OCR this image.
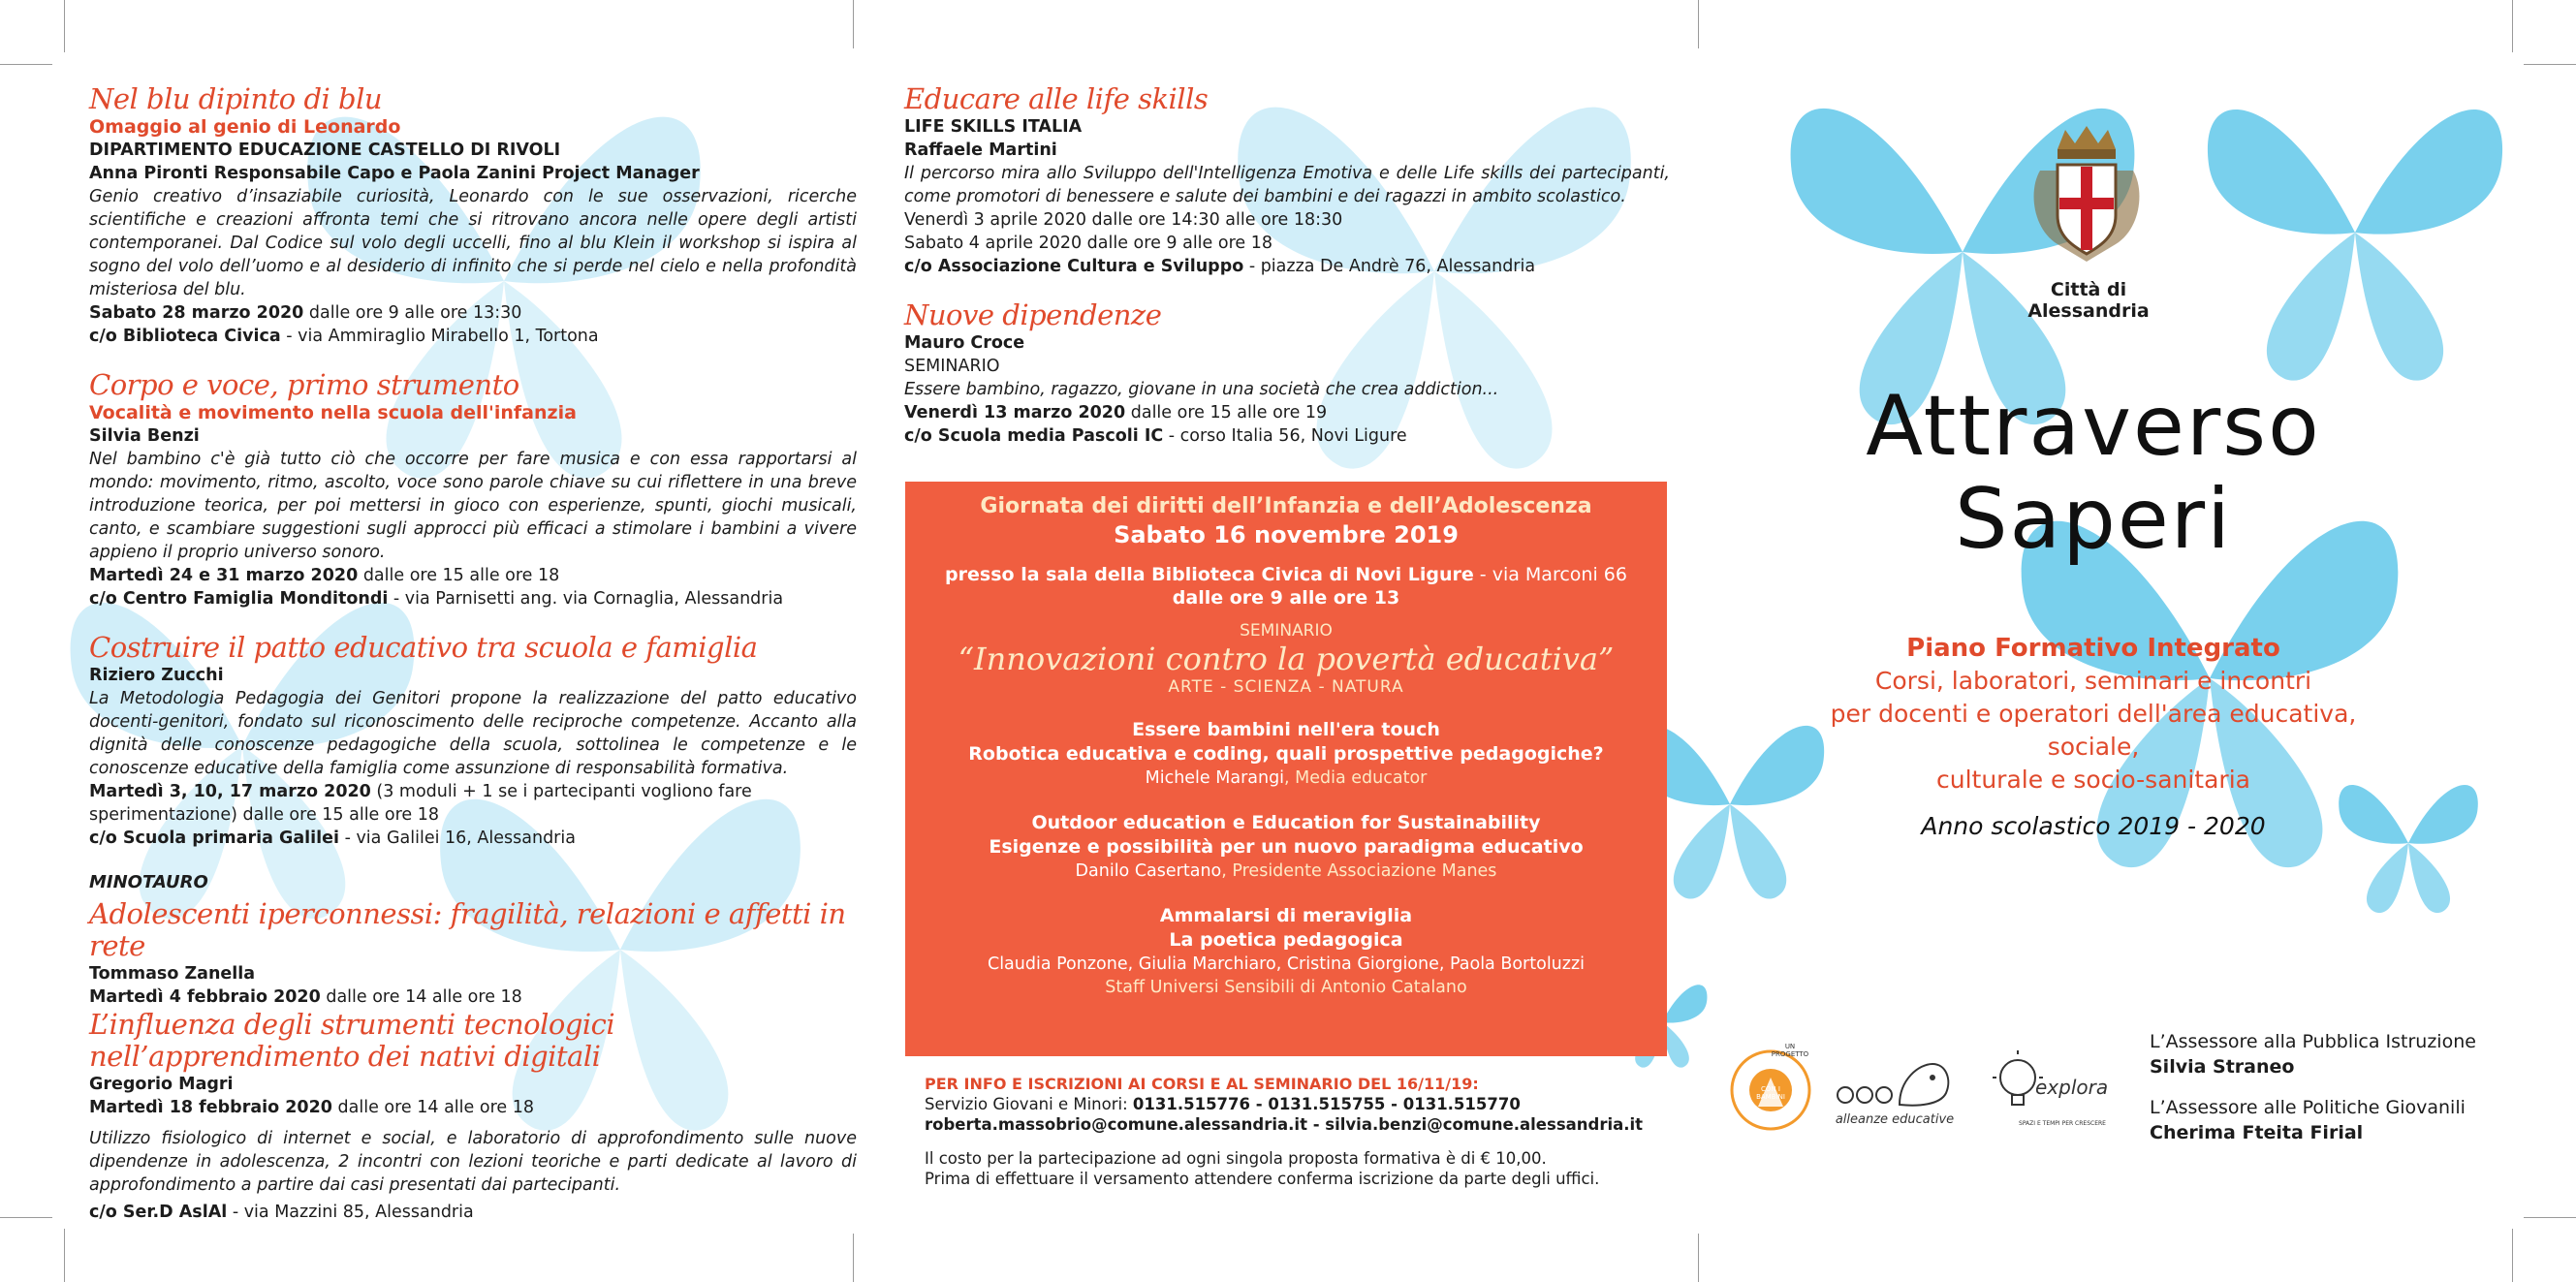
Nel blu dipinto di blu
Omaggio al genio di Leonardo
DIPARTIMENTO EDUCAZIONE CASTELLO DI RIVOLI
Anna Pironti Responsabile Capo e Paola Zanini Project Manager
Genio creativo d’insaziabile curiosità, Leonardo con le sue osservazioni, ricerche scientifiche e creazioni affronta temi che si ritrovano ancora nelle opere degli artisti contemporanei. Dal Codice sul volo degli uccelli, fino al blu Klein il workshop si ispira al sogno del volo dell’uomo e al desiderio di infinito che si perde nel cielo e nella profondità misteriosa del blu.
Sabato 28 marzo 2020 dalle ore 9 alle ore 13:30
c/o Biblioteca Civica - via Ammiraglio Mirabello 1, Tortona
Corpo e voce, primo strumento
Vocalità e movimento nella scuola dell'infanzia
Silvia Benzi
Nel bambino c'è già tutto ciò che occorre per fare musica e con essa rapportarsi al mondo: movimento, ritmo, ascolto, voce sono parole chiave su cui riflettere in una breve introduzione teorica, per poi mettersi in gioco con esperienze, spunti, giochi musicali, canto, e scambiare suggestioni sugli approcci più efficaci a stimolare i bambini a vivere appieno il proprio universo sonoro.
Martedì 24 e 31 marzo 2020 dalle ore 15 alle ore 18
c/o Centro Famiglia Monditondi - via Parnisetti ang. via Cornaglia, Alessandria
Costruire il patto educativo tra scuola e famiglia
Riziero Zucchi
La Metodologia Pedagogia dei Genitori propone la realizzazione del patto educativo docenti-genitori, fondato sul riconoscimento delle reciproche competenze. Accanto alla dignità delle conoscenze pedagogiche della scuola, sottolinea le competenze e le conoscenze educative della famiglia come assunzione di responsabilità formativa.
Martedì 3, 10, 17 marzo 2020 (3 moduli + 1 se i partecipanti vogliono fare sperimentazione) dalle ore 15 alle ore 18
c/o Scuola primaria Galilei - via Galilei 16, Alessandria
MINOTAURO
Adolescenti iperconnessi: fragilità, relazioni e affetti in rete
Tommaso Zanella
Martedì 4 febbraio 2020 dalle ore 14 alle ore 18
L’influenza degli strumenti tecnologici nell’apprendimento dei nativi digitali
Gregorio Magri
Martedì 18 febbraio 2020 dalle ore 14 alle ore 18
Utilizzo fisiologico di internet e social, e laboratorio di approfondimento sulle nuove dipendenze in adolescenza, 2 incontri con lezioni teoriche e parti dedicate al lavoro di approfondimento a partire dai casi presentati dai partecipanti.
c/o Ser.D AslAl - via Mazzini 85, Alessandria
Educare alle life skills
LIFE SKILLS ITALIA
Raffaele Martini
Il percorso mira allo Sviluppo dell'Intelligenza Emotiva e delle Life skills dei partecipanti, come promotori di benessere e salute dei bambini e dei ragazzi in ambito scolastico.
Venerdì 3 aprile 2020 dalle ore 14:30 alle ore 18:30
Sabato 4 aprile 2020 dalle ore 9 alle ore 18
c/o Associazione Cultura e Sviluppo - piazza De Andrè 76, Alessandria
Nuove dipendenze
Mauro Croce
SEMINARIO
Essere bambino, ragazzo, giovane in una società che crea addiction...
Venerdì 13 marzo 2020 dalle ore 15 alle ore 19
c/o Scuola media Pascoli IC - corso Italia 56, Novi Ligure
Giornata dei diritti dell’Infanzia e dell’Adolescenza
Sabato 16 novembre 2019
presso la sala della Biblioteca Civica di Novi Ligure - via Marconi 66
dalle ore 9 alle ore 13
SEMINARIO
“Innovazioni contro la povertà educativa”
ARTE - SCIENZA - NATURA
Essere bambini nell'era touch
Robotica educativa e coding, quali prospettive pedagogiche?
Michele Marangi, Media educator
Outdoor education e Education for Sustainability
Esigenze e possibilità per un nuovo paradigma educativo
Danilo Casertano, Presidente Associazione Manes
Ammalarsi di meraviglia
La poetica pedagogica
Claudia Ponzone, Giulia Marchiaro, Cristina Giorgione, Paola Bortoluzzi
Staff Universi Sensibili di Antonio Catalano
PER INFO E ISCRIZIONI AI CORSI E AL SEMINARIO DEL 16/11/19:
Servizio Giovani e Minori: 0131.515776 - 0131.515755 - 0131.515770
roberta.massobrio@comune.alessandria.it - silvia.benzi@comune.alessandria.it
Il costo per la partecipazione ad ogni singola proposta formativa è di € 10,00.
Prima di effettuare il versamento attendere conferma iscrizione da parte degli uffici.
Città di Alessandria
Attraverso
Saperi
Piano Formativo Integrato
Corsi, laboratori, seminari e incontri
per docenti e operatori dell'area educativa, sociale,
culturale e socio-sanitaria
Anno scolastico 2019 - 2020
UN PROGETTO
CON I BAMBINI
alleanze educative
explora
SPAZI E TEMPI PER CRESCERE
L’Assessore alla Pubblica Istruzione
Silvia Straneo
L’Assessore alle Politiche Giovanili
Cherima Fteita Firial
